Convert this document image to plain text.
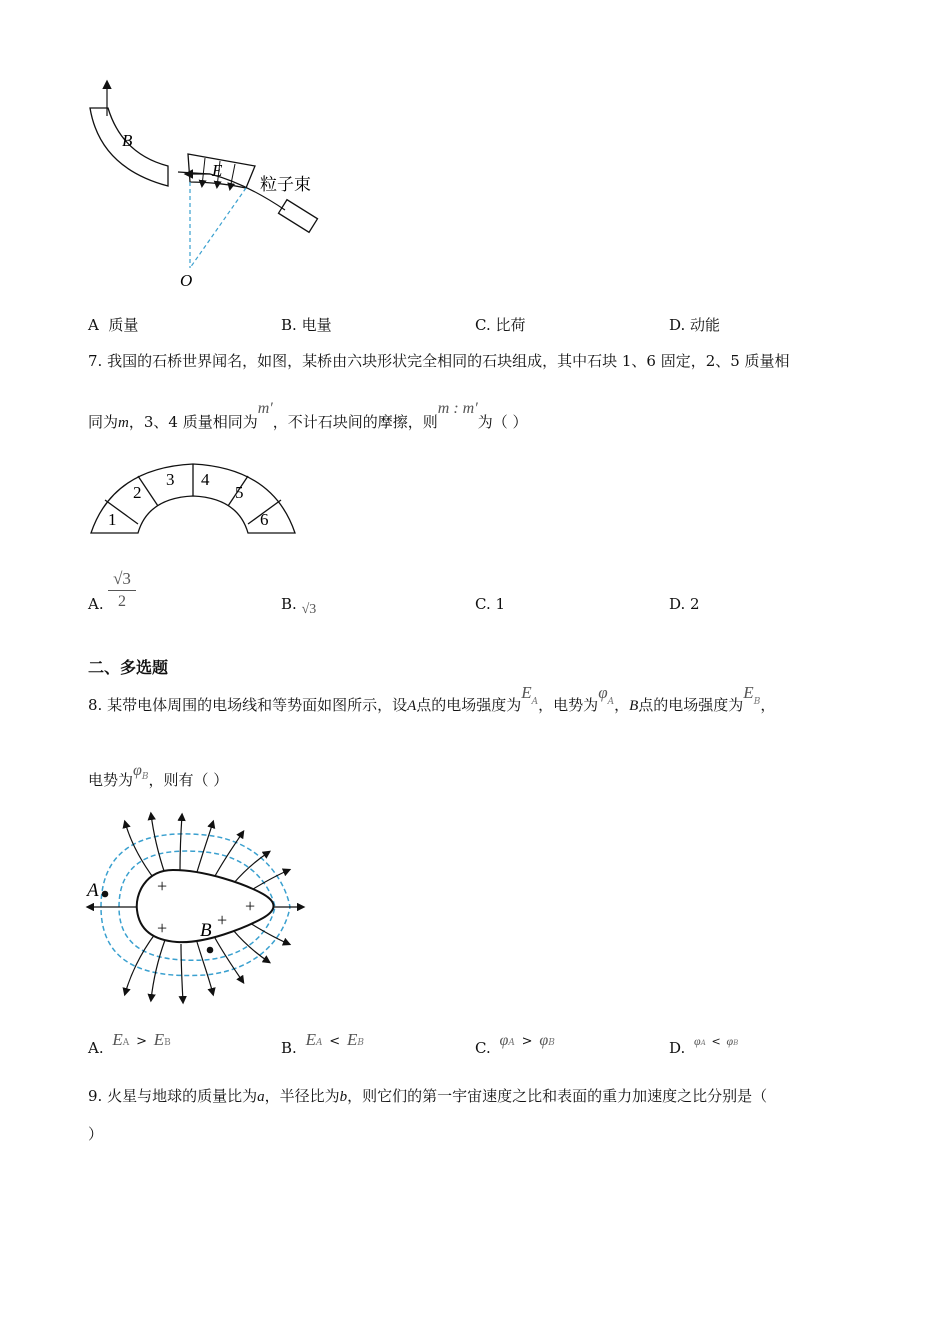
B
E
粒子束
O
A 质量	B. 电量	C. 比荷	D. 动能
7. 我国的石桥世界闻名，如图，某桥由六块形状完全相同的石块组成，其中石块 1、6 固定，2、5 质量相
同为m，3、4 质量相同为m′，不计石块间的摩擦，则m : m′为（ ）
1
2
3 4
5
6
A.
√3
2	B. √3	C. 1	D. 2
二、多选题
8. 某带电体周围的电场线和等势面如图所示，设A点的电场强度为$E^A$，电势为$\varphi^A$，B点的电场强度为$E^B$，
电势为$\varphi^B$，则有（ ）
+
+	+
+
A
B
A. EA > EB	B. EA < EB	C. φA > φB	D. φA < φB
9. 火星与地球的质量比为a，半径比为b，则它们的第一宇宙速度之比和表面的重力加速度之比分别是（
）
